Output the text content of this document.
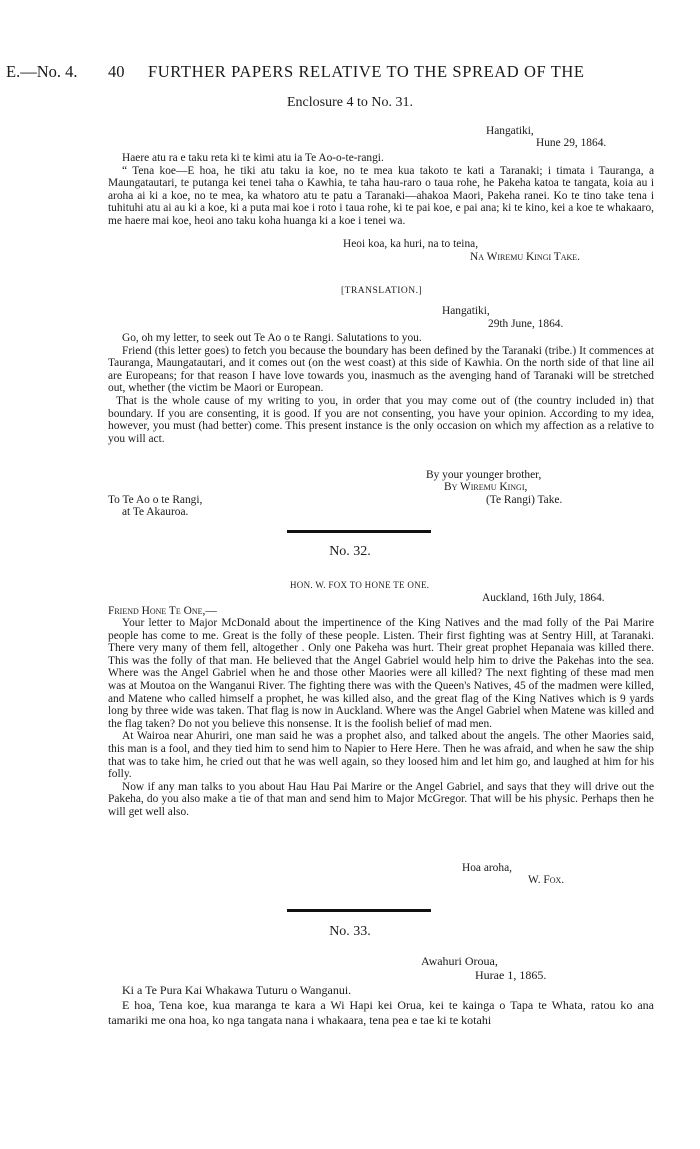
E.—No. 4. 40 FURTHER PAPERS RELATIVE TO THE SPREAD OF THE
Enclosure 4 to No. 31.
Hangatiki,
Hune 29, 1864.

Haere atu ra e taku reta ki te kimi atu ia Te Ao-o-te-rangi.

“ Tena koe—E hoa, he tiki atu taku ia koe, no te mea kua takoto te kati a Taranaki; i timata i Tauranga, a Maungatautari, te putanga kei tenei taha o Kawhia, te taha hau-raro o taua rohe, he Pakeha katoa te tangata, koia au i aroha ai ki a koe, no te mea, ka whatoro atu te patu a Taranaki—ahakoa Maori, Pakeha ranei. Ko te tino take tena i tuhituhi atu ai au ki a koe, ki a puta mai koe i roto i taua rohe, ki te pai koe, e pai ana; ki te kino, kei a koe te whakaaro, me haere mai koe, heoi ano taku koha huanga ki a koe i tenei wa.

Heoi koa, ka huri, na to teina,
Na Wiremu Kingi Take.
[TRANSLATION.]
Hangatiki,
29th June, 1864.

Go, oh my letter, to seek out Te Ao o te Rangi. Salutations to you.

Friend (this letter goes) to fetch you because the boundary has been defined by the Taranaki (tribe.) It commences at Tauranga, Maungatautari, and it comes out (on the west coast) at this side of Kawhia. On the north side of that line ail are Europeans; for that reason I have love towards you, inasmuch as the avenging hand of Taranaki will be stretched out, whether (the victim be Maori or European.

That is the whole cause of my writing to you, in order that you may come out of (the country included in) that boundary. If you are consenting, it is good. If you are not consenting, you have your opinion. According to my idea, however, you must (had better) come. This present instance is the only occasion on which my affection as a relative to you will act.

By your younger brother,
By Wiremu Kingi,
To Te Ao o te Rangi,	(Te Rangi) Take.
at Te Akauroa.
No. 32.
HON. W. FOX TO HONE TE ONE.
Auckland, 16th July, 1864.
Friend Hone Te One,—

Your letter to Major McDonald about the impertinence of the King Natives and the mad folly of the Pai Marire people has come to me. Great is the folly of these people. Listen. Their first fighting was at Sentry Hill, at Taranaki. There very many of them fell, altogether . Only one Pakeha was hurt. Their great prophet Hepanaia was killed there. This was the folly of that man. He believed that the Angel Gabriel would help him to drive the Pakehas into the sea. Where was the Angel Gabriel when he and those other Maories were all killed? The next fighting of these mad men was at Moutoa on the Wanganui River. The fighting there was with the Queen's Natives, 45 of the madmen were killed, and Matene who called himself a prophet, he was killed also, and the great flag of the King Natives which is 9 yards long by three wide was taken. That flag is now in Auckland. Where was the Angel Gabriel when Matene was killed and the flag taken? Do not you believe this nonsense. It is the foolish belief of mad men.

At Wairoa near Ahuriri, one man said he was a prophet also, and talked about the angels. The other Maories said, this man is a fool, and they tied him to send him to Napier to Here Here. Then he was afraid, and when he saw the ship that was to take him, he cried out that he was well again, so they loosed him and let him go, and laughed at him for his folly.

Now if any man talks to you about Hau Hau Pai Marire or the Angel Gabriel, and says that they will drive out the Pakeha, do you also make a tie of that man and send him to Major McGregor. That will be his physic. Perhaps then he will get well also.

Hoa aroha,
W. Fox.
No. 33.
Awahuri Oroua,
Hurae 1, 1865.

Ki a Te Pura Kai Whakawa Tuturu o Wanganui.

E hoa, Tena koe, kua maranga te kara a Wi Hapi kei Orua, kei te kainga o Tapa te Whata, ratou ko ana tamariki me ona hoa, ko nga tangata nana i whakaara, tena pea e tae ki te kotahi
